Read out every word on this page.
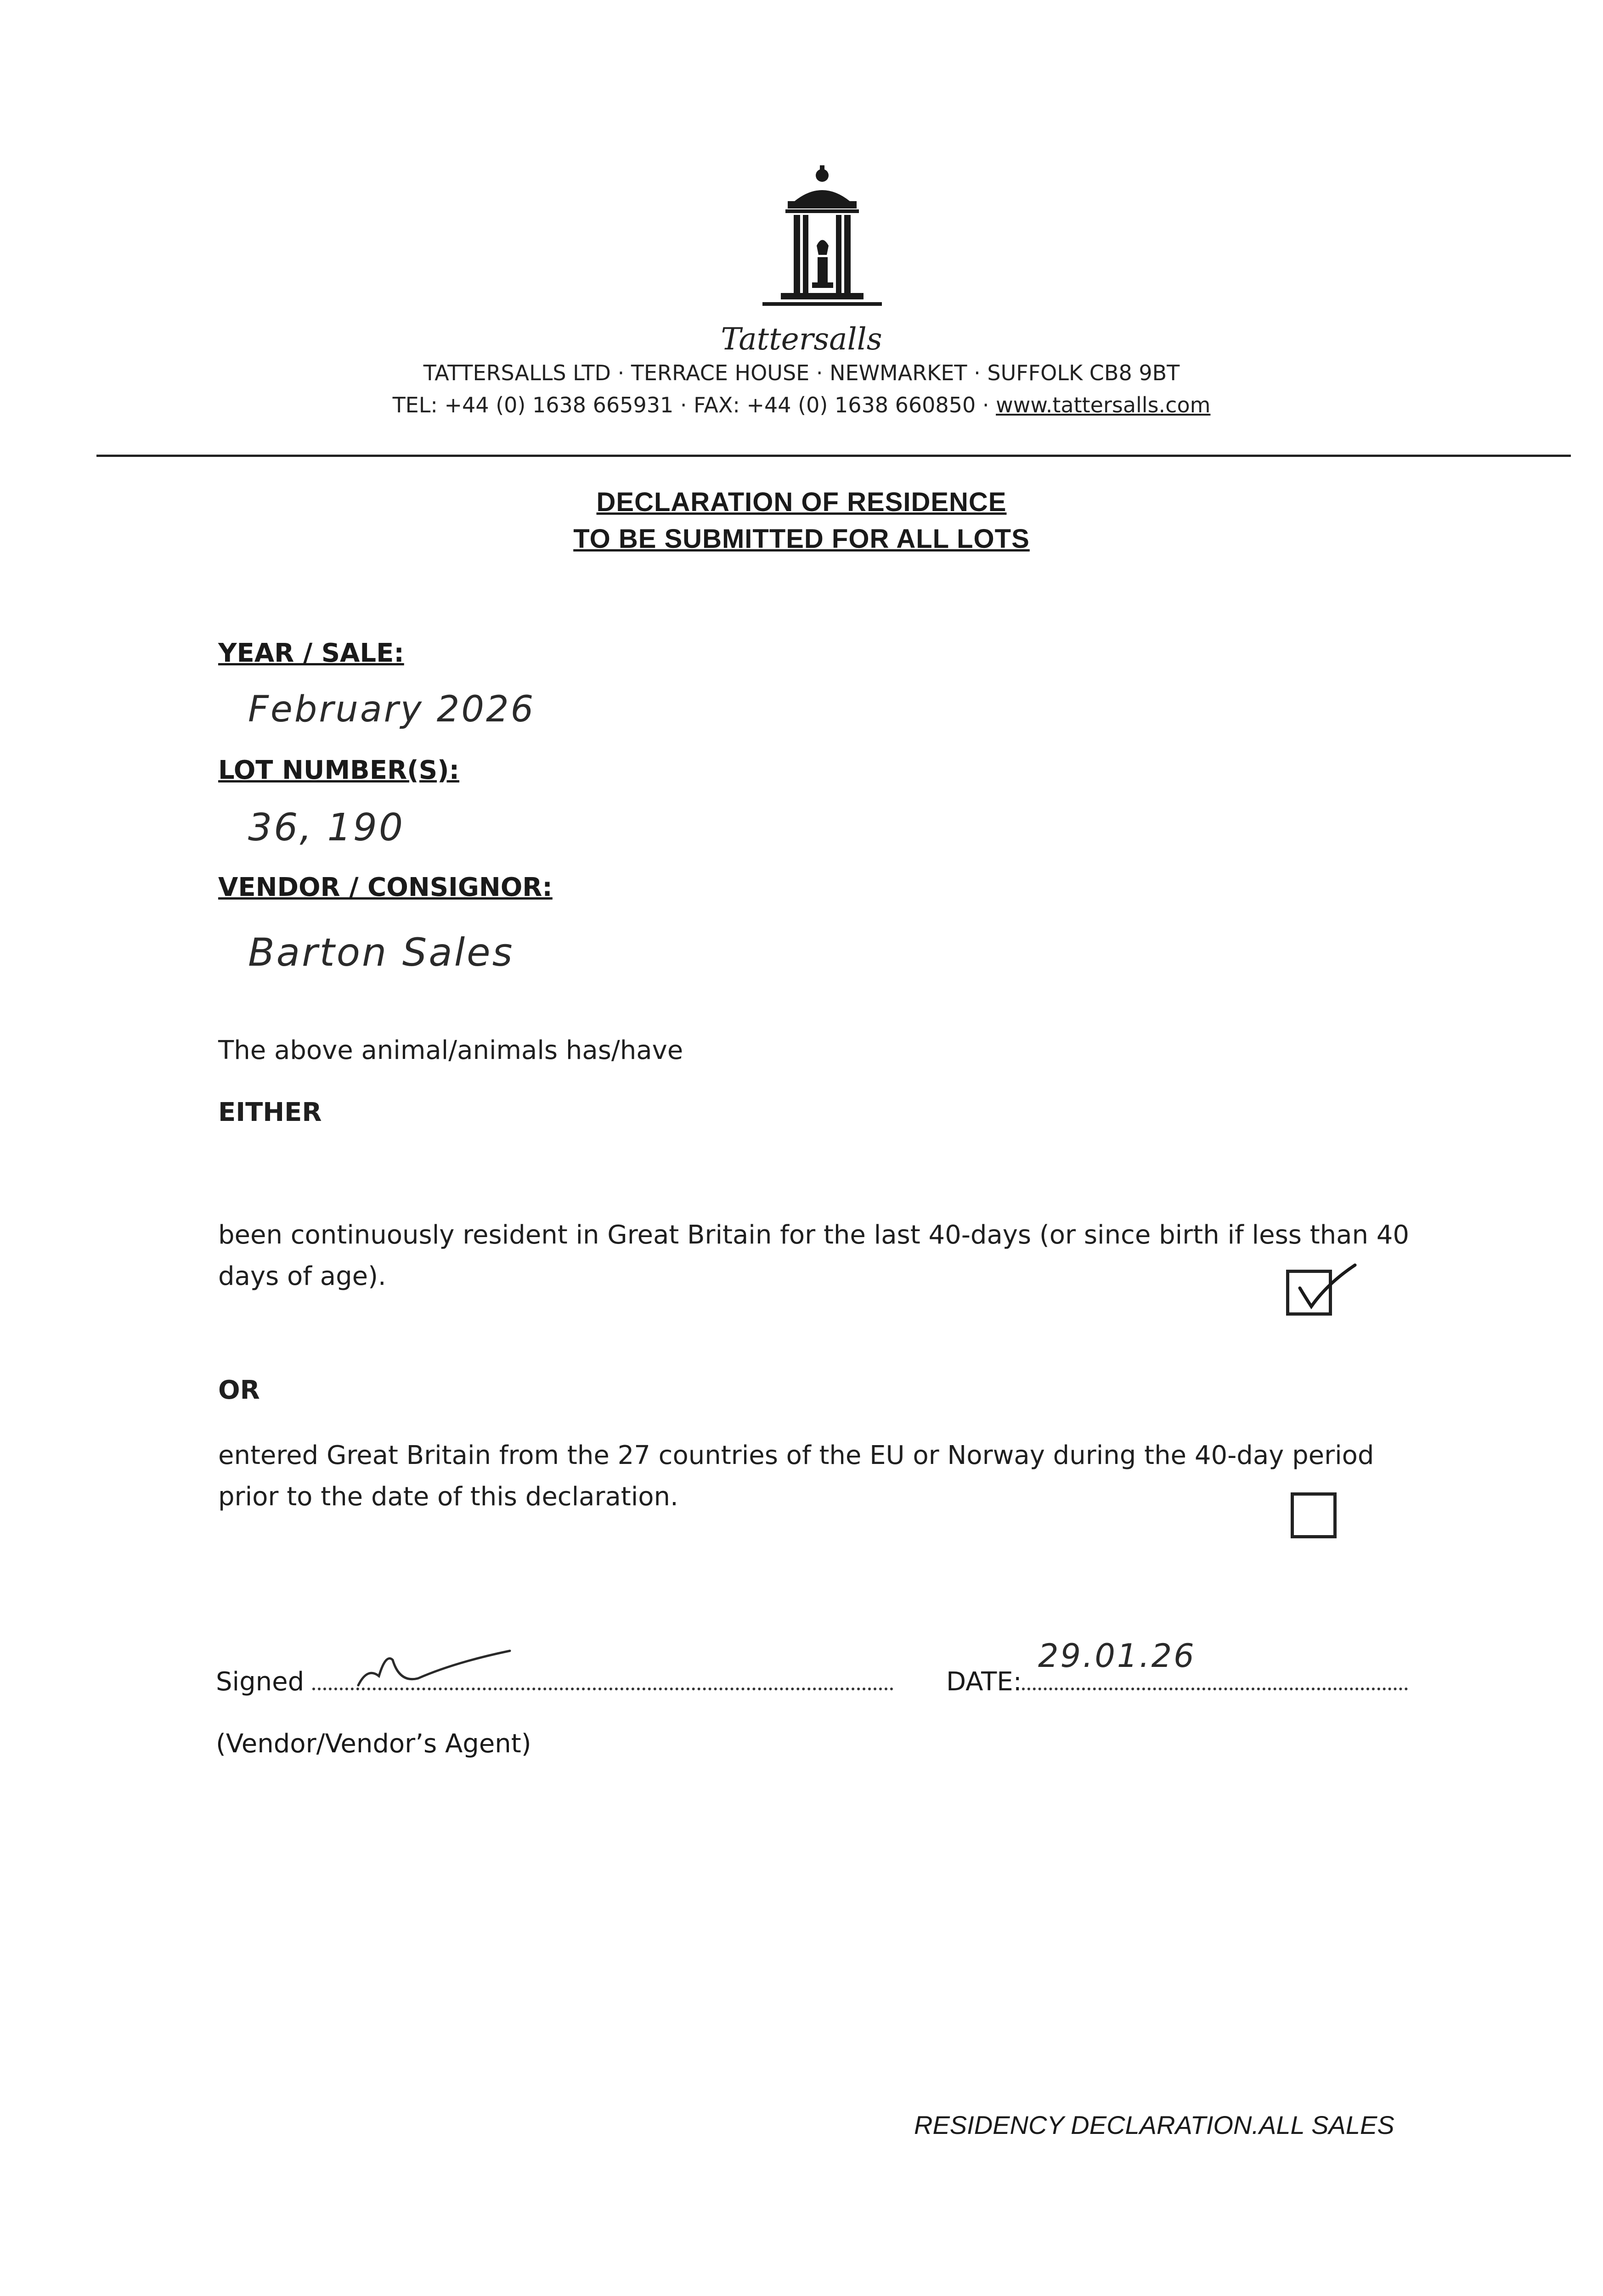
Tattersalls
TATTERSALLS LTD · TERRACE HOUSE · NEWMARKET · SUFFOLK CB8 9BT
TEL: +44 (0) 1638 665931 · FAX: +44 (0) 1638 660850 · www.tattersalls.com
DECLARATION OF RESIDENCE
TO BE SUBMITTED FOR ALL LOTS
YEAR / SALE:
February 2026
LOT NUMBER(S):
36, 190
VENDOR / CONSIGNOR:
Barton Sales
The above animal/animals has/have
EITHER
been continuously resident in Great Britain for the last 40-days (or since birth if less than 40 days of age).
OR
entered Great Britain from the 27 countries of the EU or Norway during the 40-day period prior to the date of this declaration.
Signed	DATE:
29.01.26
(Vendor/Vendor’s Agent)
RESIDENCY DECLARATION.ALL SALES
